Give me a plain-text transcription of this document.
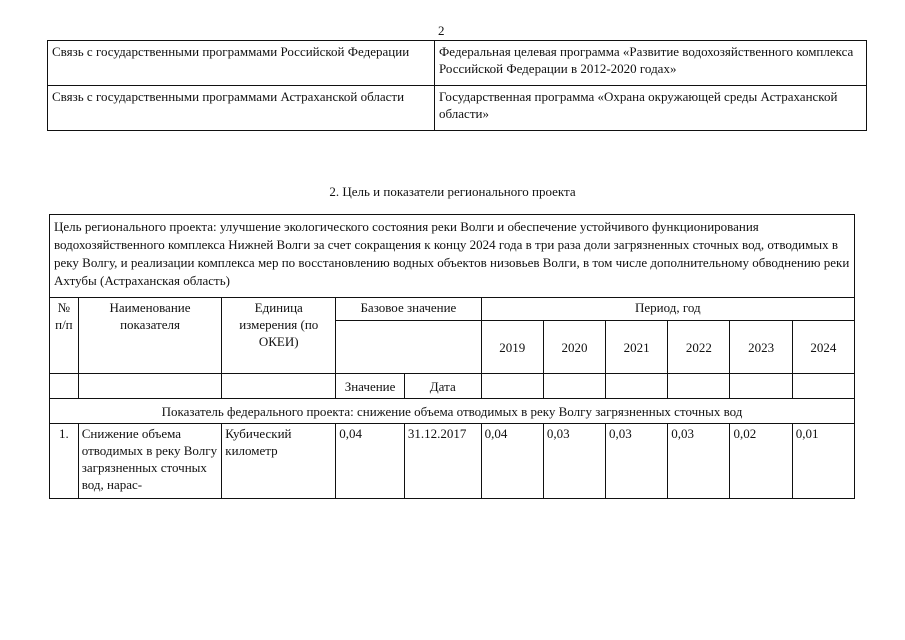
2
Связь с государственными программами Российской Федерации	Федеральная целевая программа «Развитие водохозяйственного комплекса Российской Федерации в 2012-2020 годах»
Связь с государственными программами Астраханской области	Государственная программа «Охрана окружающей среды Астраханской области»
2. Цель и показатели регионального проекта
Цель регионального проекта: улучшение экологического состояния реки Волги и обеспечение устойчивого функционирования водохозяйственного комплекса Нижней Волги за счет сокращения к концу 2024 года в три раза доли загрязненных сточных вод, отводимых в реку Волгу, и реализации комплекса мер по восстановлению водных объектов низовьев Волги, в том числе дополнительному обводнению реки Ахтубы (Астраханская область)										
№ п/п	Наименование показателя	Единица измерения (по ОКЕИ)	Базовое значение		Период, год					
					2019	2020	2021	2022	2023	2024
			Значение	Дата						
Показатель федерального проекта: снижение объема отводимых в реку Волгу загрязненных сточных вод										
1.	Снижение объема отводимых в реку Волгу загрязненных сточных вод, нарас-	Кубический километр	0,04	31.12.2017	0,04	0,03	0,03	0,03	0,02	0,01
